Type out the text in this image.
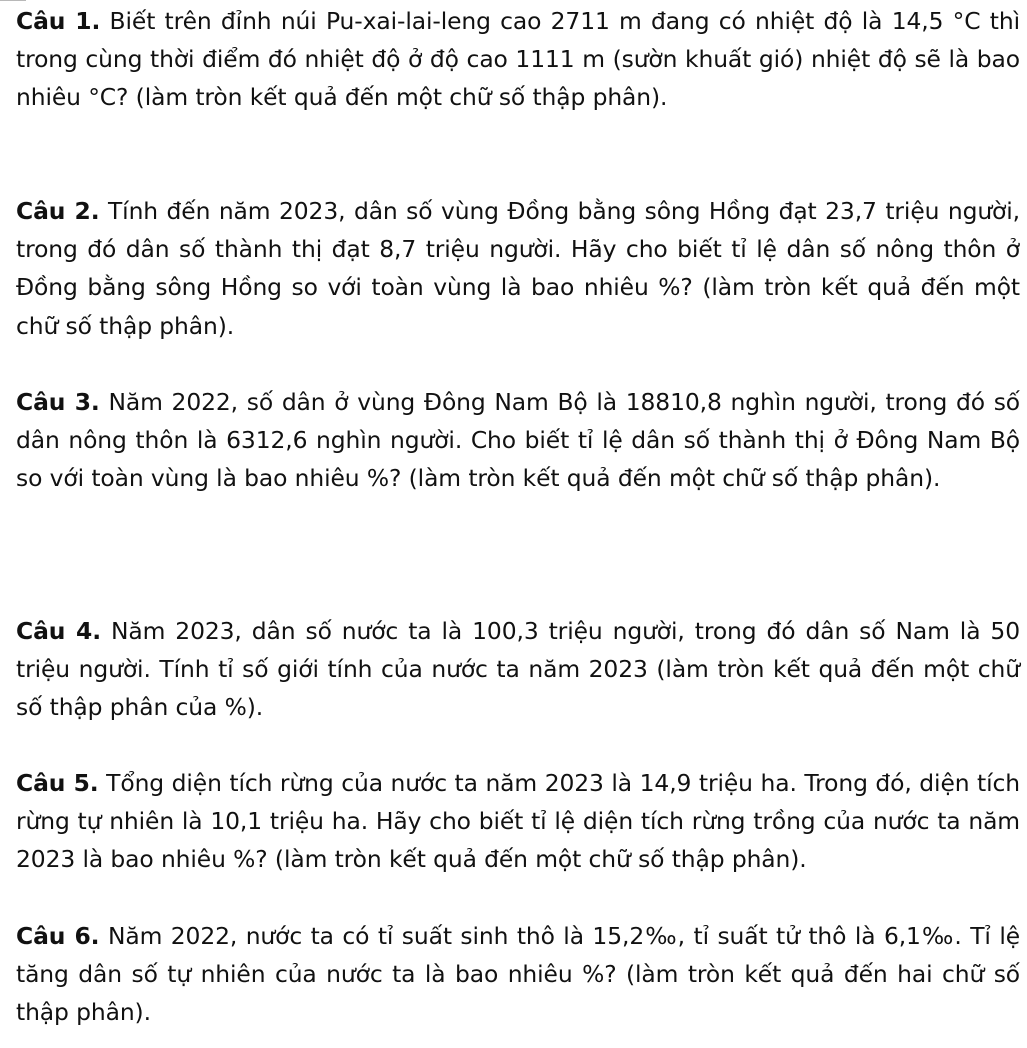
Câu 1. Biết trên đỉnh núi Pu-xai-lai-leng cao 2711 m đang có nhiệt độ là 14,5 °C thì trong cùng thời điểm đó nhiệt độ ở độ cao 1111 m (sườn khuất gió) nhiệt độ sẽ là bao nhiêu °C? (làm tròn kết quả đến một chữ số thập phân).

Câu 2. Tính đến năm 2023, dân số vùng Đồng bằng sông Hồng đạt 23,7 triệu người, trong đó dân số thành thị đạt 8,7 triệu người. Hãy cho biết tỉ lệ dân số nông thôn ở Đồng bằng sông Hồng so với toàn vùng là bao nhiêu %? (làm tròn kết quả đến một chữ số thập phân).

Câu 3. Năm 2022, số dân ở vùng Đông Nam Bộ là 18810,8 nghìn người, trong đó số dân nông thôn là 6312,6 nghìn người. Cho biết tỉ lệ dân số thành thị ở Đông Nam Bộ so với toàn vùng là bao nhiêu %? (làm tròn kết quả đến một chữ số thập phân).

Câu 4. Năm 2023, dân số nước ta là 100,3 triệu người, trong đó dân số Nam là 50 triệu người. Tính tỉ số giới tính của nước ta năm 2023 (làm tròn kết quả đến một chữ số thập phân của %).

Câu 5. Tổng diện tích rừng của nước ta năm 2023 là 14,9 triệu ha. Trong đó, diện tích rừng tự nhiên là 10,1 triệu ha. Hãy cho biết tỉ lệ diện tích rừng trồng của nước ta năm 2023 là bao nhiêu %? (làm tròn kết quả đến một chữ số thập phân).

Câu 6. Năm 2022, nước ta có tỉ suất sinh thô là 15,2‰, tỉ suất tử thô là 6,1‰. Tỉ lệ tăng dân số tự nhiên của nước ta là bao nhiêu %? (làm tròn kết quả đến hai chữ số thập phân).
